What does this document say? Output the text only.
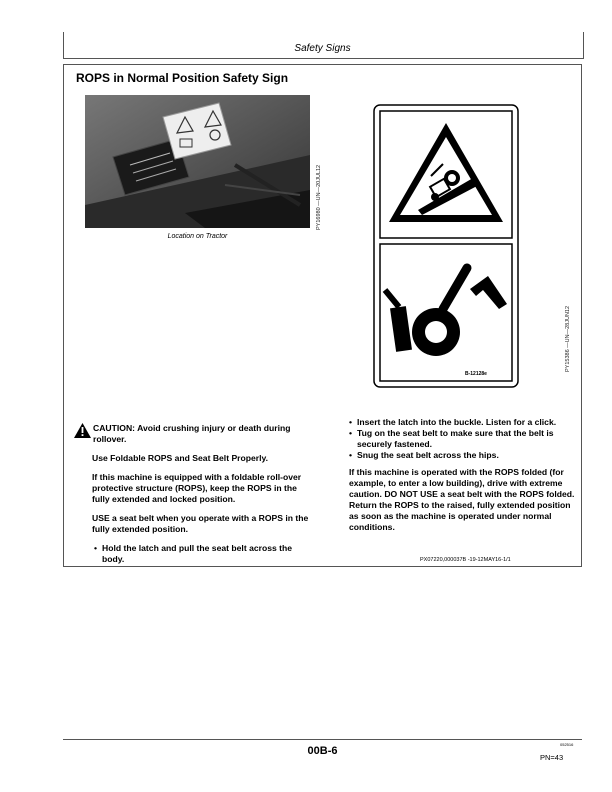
Safety Signs
ROPS in Normal Position Safety Sign
Location on Tractor
PY16980 —UN—20JUL12
B-12128e
PY15386 —UN—28JUN12

CAUTION: Avoid crushing injury or death during rollover.

Use Foldable ROPS and Seat Belt Properly.

If this machine is equipped with a foldable roll-over protective structure (ROPS), keep the ROPS in the fully extended and locked position.

USE a seat belt when you operate with a ROPS in the fully extended position.

• Hold the latch and pull the seat belt across the body.

• Insert the latch into the buckle. Listen for a click.

• Tug on the seat belt to make sure that the belt is securely fastened.

• Snug the seat belt across the hips.

If this machine is operated with the ROPS folded (for example, to enter a low building), drive with extreme caution. DO NOT USE a seat belt with the ROPS folded. Return the ROPS to the raised, fully extended position as soon as the machine is operated under normal conditions.

PX07220,000037B -19-12MAY16-1/1
00B-6
052516
PN=43
